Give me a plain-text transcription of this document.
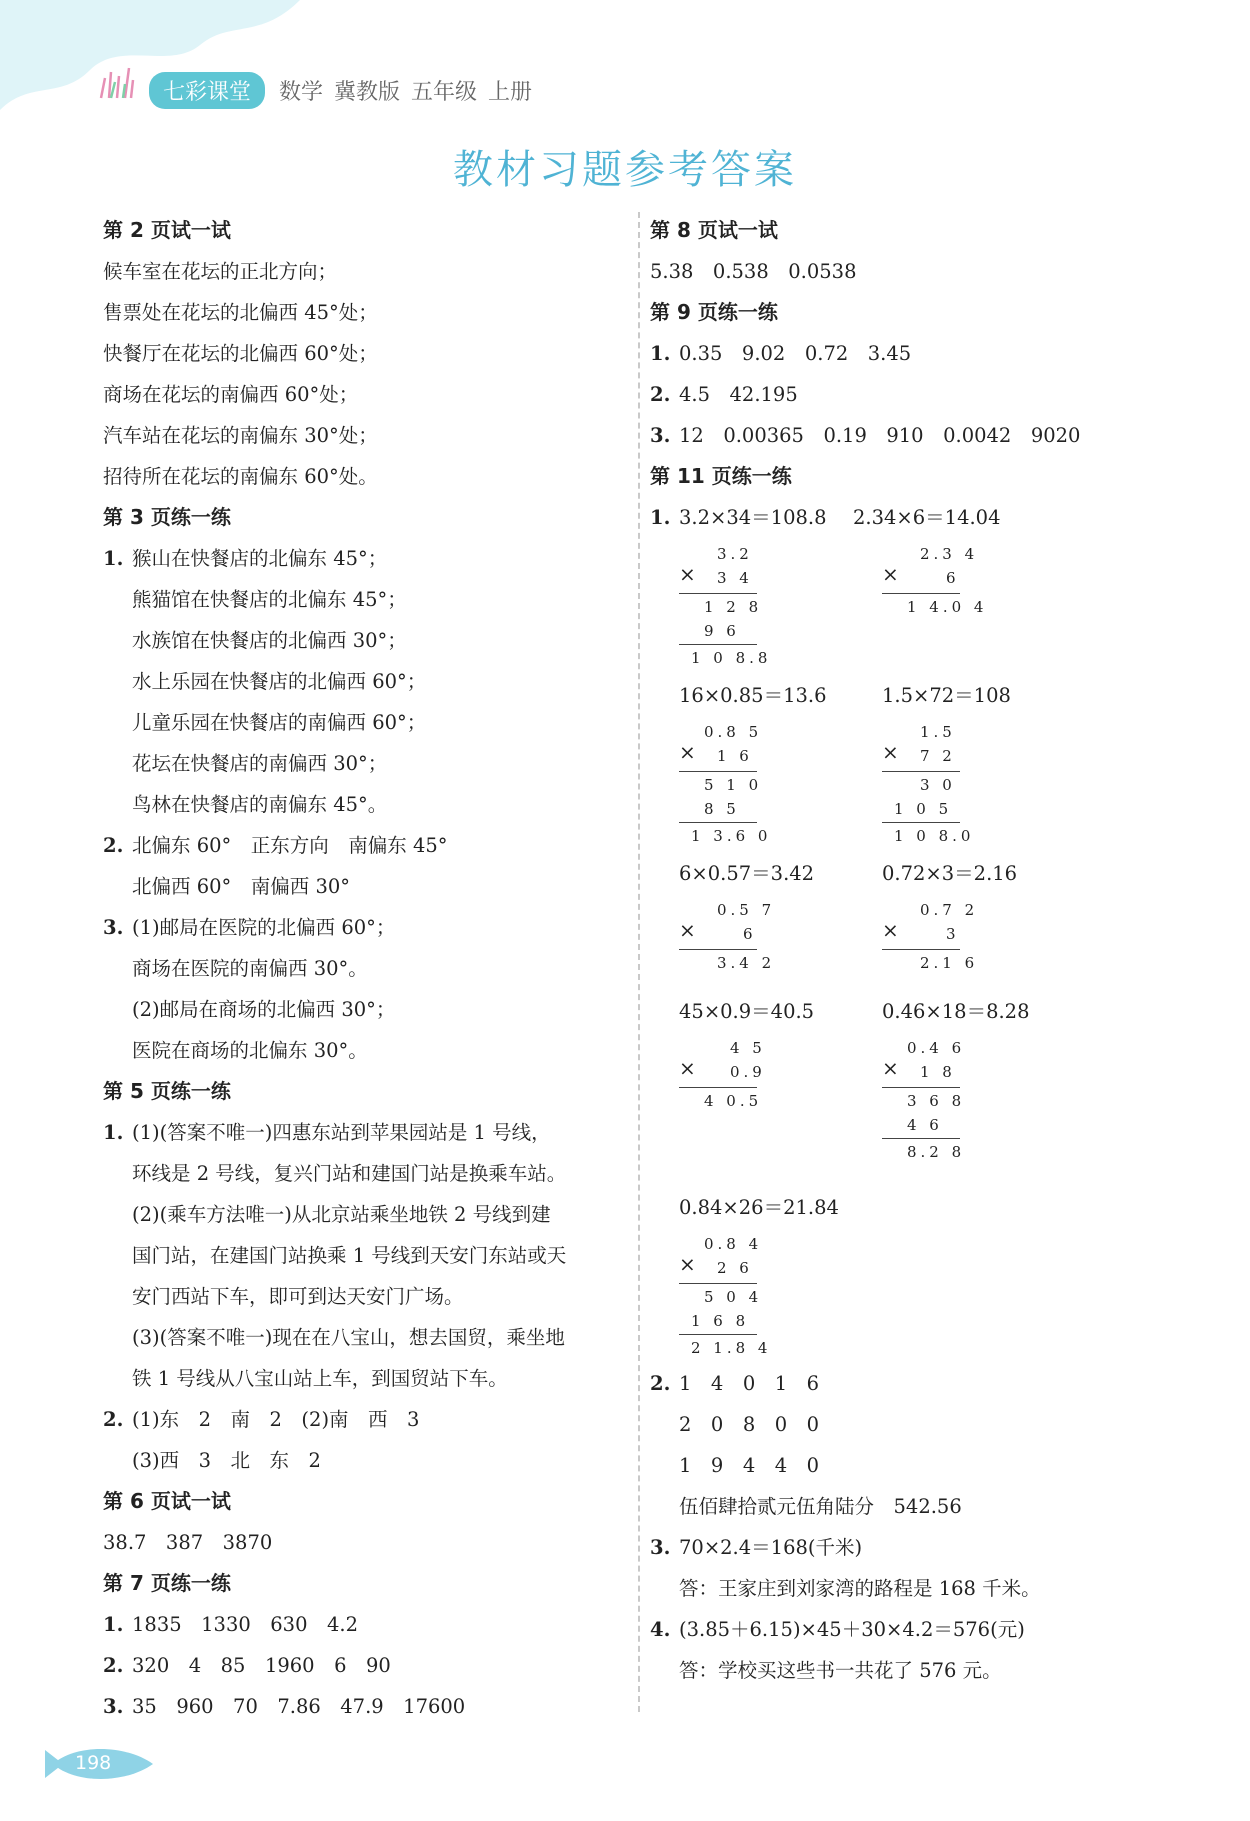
七彩课堂	数学 冀教版 五年级 上册
教材习题参考答案
第 2 页试一试
候车室在花坛的正北方向；
售票处在花坛的北偏西 45°处；
快餐厅在花坛的北偏西 60°处；
商场在花坛的南偏西 60°处；
汽车站在花坛的南偏东 30°处；
招待所在花坛的南偏东 60°处。
第 3 页练一练
1. 猴山在快餐店的北偏东 45°；
熊猫馆在快餐店的北偏东 45°；
水族馆在快餐店的北偏西 30°；
水上乐园在快餐店的北偏西 60°；
儿童乐园在快餐店的南偏西 60°；
花坛在快餐店的南偏西 30°；
鸟林在快餐店的南偏东 45°。
2. 北偏东 60°　正东方向　南偏东 45°
北偏西 60°　南偏西 30°
3. (1)邮局在医院的北偏西 60°；
商场在医院的南偏西 30°。
(2)邮局在商场的北偏西 30°；
医院在商场的北偏东 30°。
第 5 页练一练
1. (1)(答案不唯一)四惠东站到苹果园站是 1 号线，
环线是 2 号线，复兴门站和建国门站是换乘车站。
(2)(乘车方法唯一)从北京站乘坐地铁 2 号线到建
国门站，在建国门站换乘 1 号线到天安门东站或天
安门西站下车，即可到达天安门广场。
(3)(答案不唯一)现在在八宝山，想去国贸，乘坐地
铁 1 号线从八宝山站上车，到国贸站下车。
2. (1)东　2　南　2　(2)南　西　3
(3)西　3　北　东　2
第 6 页试一试
38.7　387　3870
第 7 页练一练
1. 1835　1330　630　4.2
2. 320　4　85　1960　6　90
3. 35　960　70　7.86　47.9　17600
第 8 页试一试
5.38　0.538　0.0538
第 9 页练一练
1. 0.35　9.02　0.72　3.45
2. 4.5　42.195
3. 12　0.00365　0.19　910　0.0042　9020
第 11 页练一练
1. 3.2×34＝108.8	2.34×6＝14.04
3.2
× 3 4
1 2 8
9 6
1 0 8.8
2.3 4
×	6
1 4.0 4
16×0.85＝13.6	1.5×72＝108
0.8 5
× 1 6
5 1 0
8 5
1 3.6 0
1.5
× 7 2
3 0
1 0 5
1 0 8.0
6×0.57＝3.42	0.72×3＝2.16
0.5 7
×	6
3.4 2
0.7 2
×	3
2.1 6
45×0.9＝40.5	0.46×18＝8.28
4 5
× 0.9
4 0.5
0.4 6
× 1 8
3 6 8
4 6
8.2 8
0.84×26＝21.84
0.8 4
× 2 6
5 0 4
1 6 8
2 1.8 4
2. 1　4　0　1　6
2　0　8　0　0
1　9　4　4　0
伍佰肆拾贰元伍角陆分　542.56
3. 70×2.4＝168(千米)
答：王家庄到刘家湾的路程是 168 千米。
4. (3.85＋6.15)×45＋30×4.2＝576(元)
答：学校买这些书一共花了 576 元。
198
